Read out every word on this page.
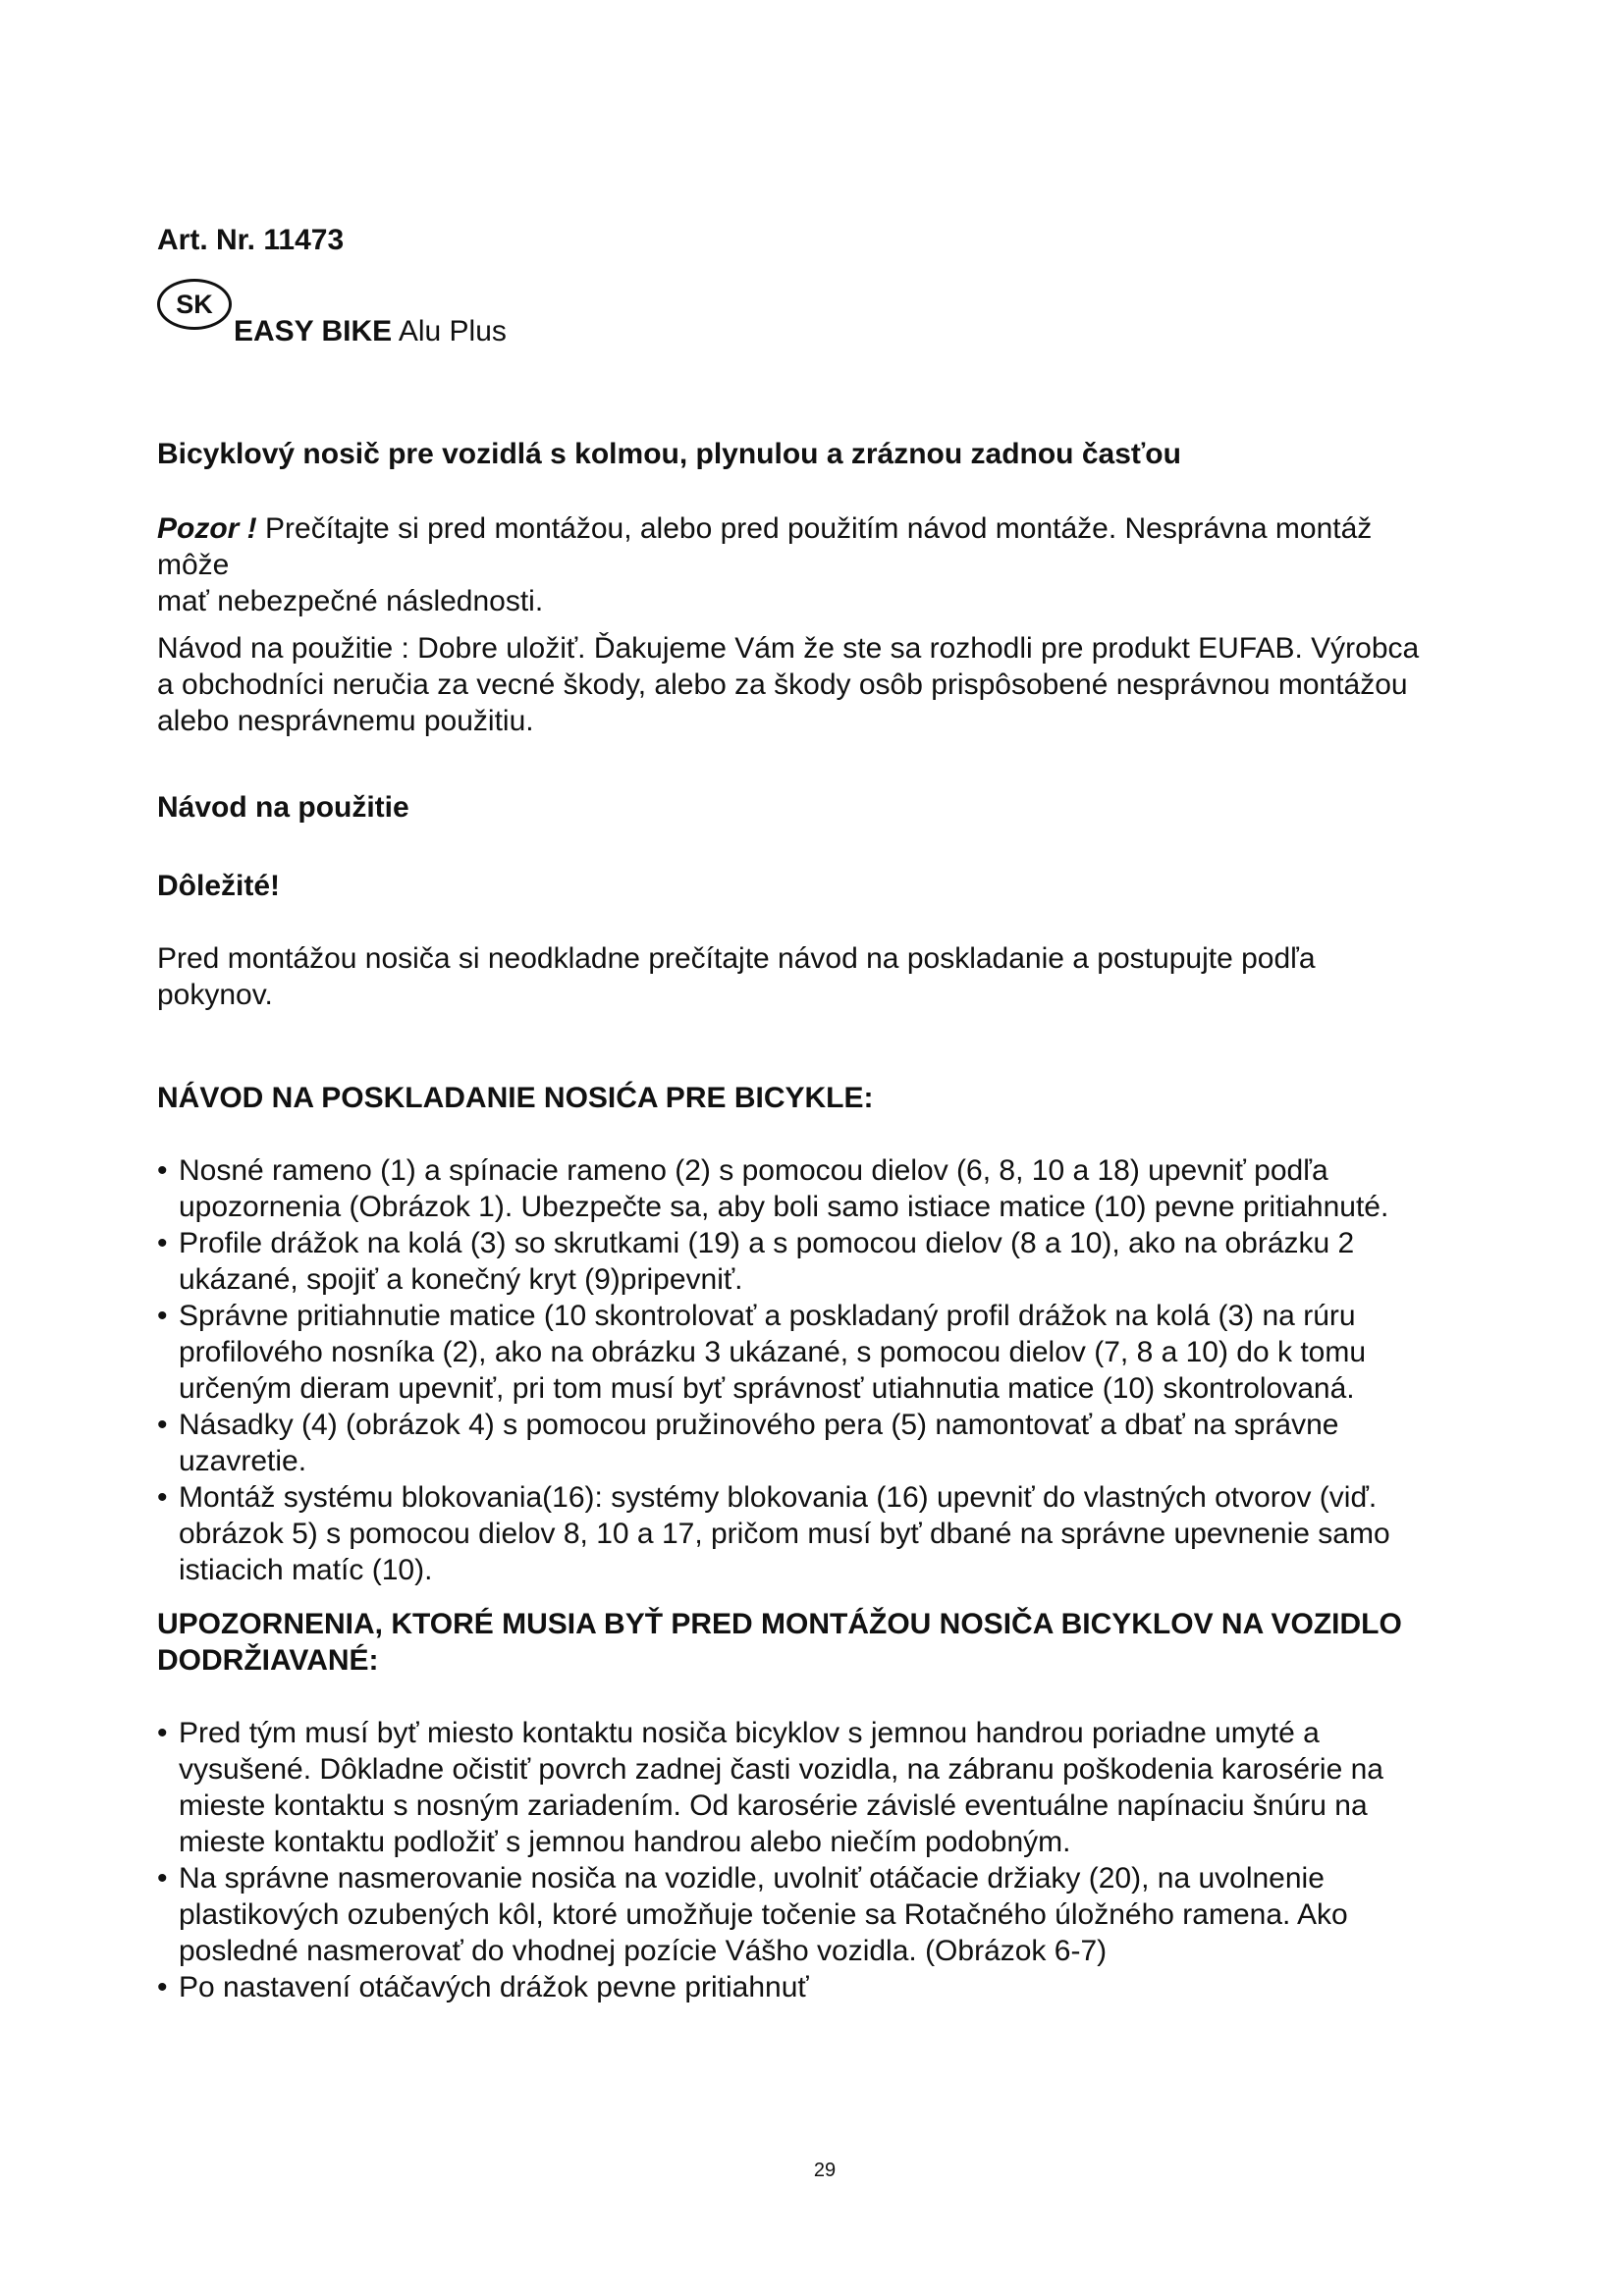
Art. Nr. 11473

SK
EASY BIKE Alu Plus

Bicyklový nosič pre vozidlá s kolmou, plynulou a zráznou zadnou časťou

Pozor ! Prečítajte si pred montážou, alebo pred použitím návod montáže. Nesprávna montáž
môže
mať nebezpečné následnosti.

Návod na použitie : Dobre uložiť. Ďakujeme Vám že ste sa rozhodli pre produkt EUFAB. Výrobca
a obchodníci neručia za vecné škody, alebo za škody osôb prispôsobené nesprávnou montážou
alebo nesprávnemu použitiu.

Návod na použitie

Dôležité!

Pred montážou nosiča si neodkladne prečítajte návod na poskladanie a postupujte podľa
pokynov.

NÁVOD NA POSKLADANIE NOSIĆA PRE BICYKLE:

• Nosné rameno (1) a spínacie rameno (2) s pomocou dielov (6, 8, 10 a 18) upevniť podľa
upozornenia (Obrázok 1). Ubezpečte sa, aby boli samo istiace matice (10) pevne pritiahnuté.
• Profile drážok na kolá (3) so skrutkami (19) a s pomocou dielov (8 a 10), ako na obrázku 2
ukázané, spojiť a konečný kryt (9)pripevniť.
• Správne pritiahnutie matice (10 skontrolovať a poskladaný profil drážok na kolá (3) na rúru
profilového nosníka (2), ako na obrázku 3 ukázané, s pomocou dielov (7, 8 a 10) do k tomu
určeným dieram upevniť, pri tom musí byť správnosť utiahnutia matice (10) skontrolovaná.
• Násadky (4) (obrázok 4) s pomocou pružinového pera (5) namontovať a dbať na správne
uzavretie.
• Montáž systému blokovania(16): systémy blokovania (16) upevniť do vlastných otvorov (viď.
obrázok 5) s pomocou dielov 8, 10 a 17, pričom musí byť dbané na správne upevnenie samo
istiacich matíc (10).

UPOZORNENIA, KTORÉ MUSIA BYŤ PRED MONTÁŽOU NOSIČA BICYKLOV NA VOZIDLO
DODRŽIAVANÉ:

• Pred tým musí byť miesto kontaktu nosiča bicyklov s jemnou handrou poriadne umyté a
vysušené. Dôkladne očistiť povrch zadnej časti vozidla, na zábranu poškodenia karosérie na
mieste kontaktu s nosným zariadením. Od karosérie závislé eventuálne napínaciu šnúru na
mieste kontaktu podložiť s jemnou handrou alebo niečím podobným.
• Na správne nasmerovanie nosiča na vozidle, uvolniť otáčacie držiaky (20), na uvolnenie
plastikových ozubených kôl, ktoré umožňuje točenie sa Rotačného úložného ramena. Ako
posledné nasmerovať do vhodnej pozície Vášho vozidla. (Obrázok 6-7)
• Po nastavení otáčavých drážok pevne pritiahnuť
29
